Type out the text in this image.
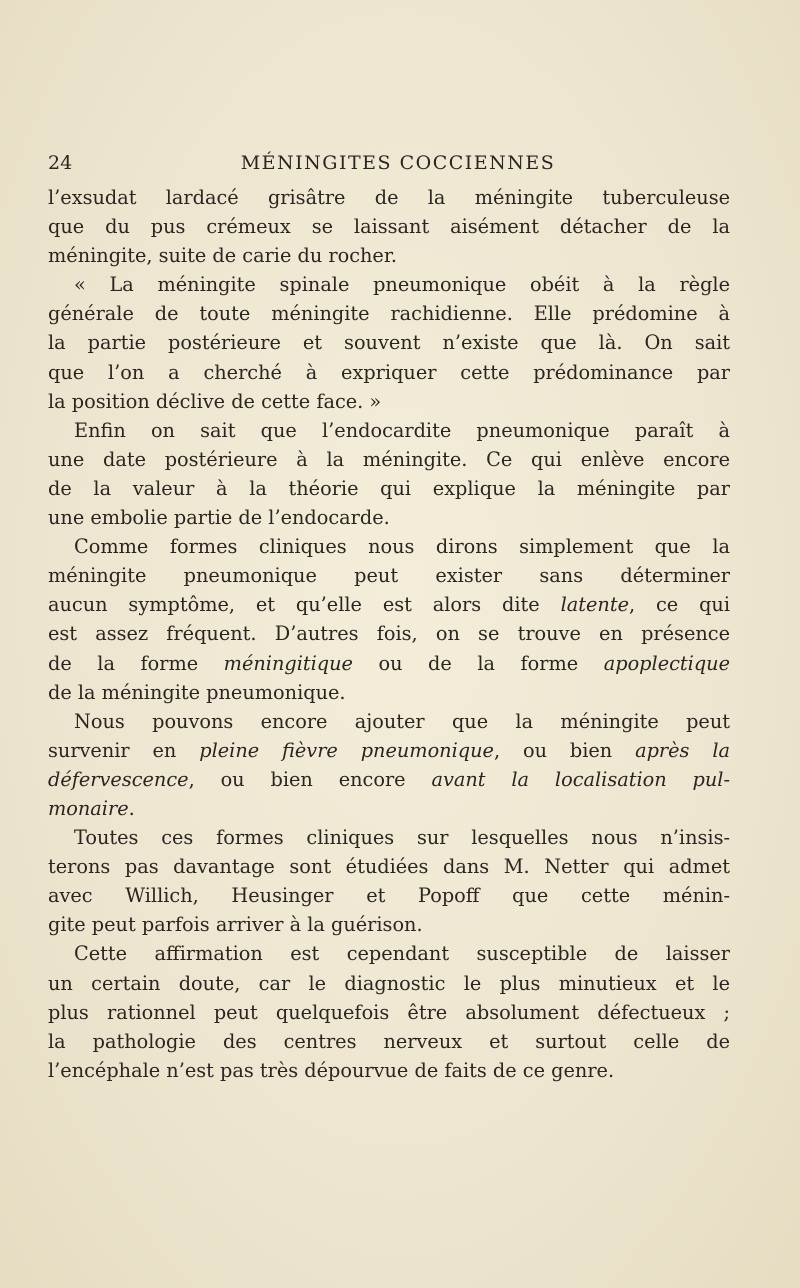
24	MÉNINGITES COCCIENNES

l’exsudat lardacé grisâtre de la méningite tuberculeuse
que du pus crémeux se laissant aisément détacher de la
méningite, suite de carie du rocher.

« La méningite spinale pneumonique obéit à la règle
générale de toute méningite rachidienne. Elle prédomine à
la partie postérieure et souvent n’existe que là. On sait
que l’on a cherché à expriquer cette prédominance par
la position déclive de cette face. »

Enfin on sait que l’endocardite pneumonique paraît à
une date postérieure à la méningite. Ce qui enlève encore
de la valeur à la théorie qui explique la méningite par
une embolie partie de l’endocarde.

Comme formes cliniques nous dirons simplement que la
méningite pneumonique peut exister sans déterminer
aucun symptôme, et qu’elle est alors dite latente, ce qui
est assez fréquent. D’autres fois, on se trouve en présence
de la forme méningitique ou de la forme apoplectique
de la méningite pneumonique.

Nous pouvons encore ajouter que la méningite peut
survenir en pleine fièvre pneumonique, ou bien après la
défervescence, ou bien encore avant la localisation pul-
monaire.

Toutes ces formes cliniques sur lesquelles nous n’insis-
terons pas davantage sont étudiées dans M. Netter qui admet
avec Willich, Heusinger et Popoff que cette ménin-
gite peut parfois arriver à la guérison.

Cette affirmation est cependant susceptible de laisser
un certain doute, car le diagnostic le plus minutieux et le
plus rationnel peut quelquefois être absolument défectueux ;
la pathologie des centres nerveux et surtout celle de
l’encéphale n’est pas très dépourvue de faits de ce genre.
